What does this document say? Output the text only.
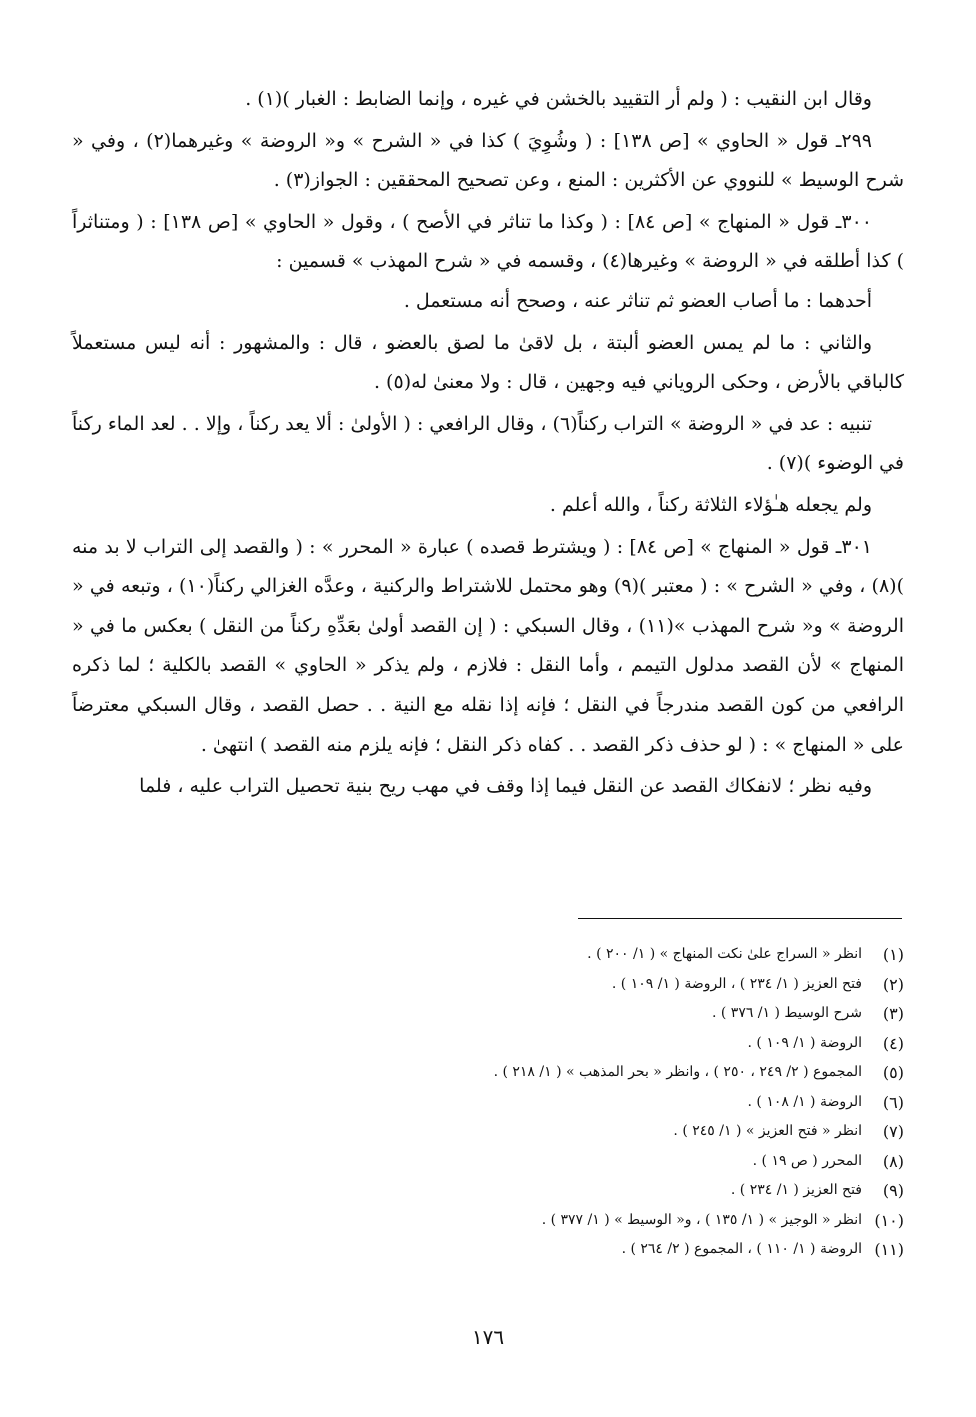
وقال ابن النقيب : ( ولم أر التقييد بالخشن في غيره ، وإنما الضابط : الغبار )(١) .

٢٩٩ـ قول « الحاوي » [ص ١٣٨] : ( وشُوِيَ ) كذا في « الشرح » و« الروضة » وغيرهما(٢) ، وفي « شرح الوسيط » للنووي عن الأكثرين : المنع ، وعن تصحيح المحققين : الجواز(٣) .

٣٠٠ـ قول « المنهاج » [ص ٨٤] : ( وكذا ما تناثر في الأصح ) ، وقول « الحاوي » [ص ١٣٨] : ( ومتناثراً ) كذا أطلقه في « الروضة » وغيرها(٤) ، وقسمه في « شرح المهذب » قسمين :

أحدهما : ما أصاب العضو ثم تناثر عنه ، وصحح أنه مستعمل .

والثاني : ما لم يمس العضو ألبتة ، بل لاقىٰ ما لصق بالعضو ، قال : والمشهور : أنه ليس مستعملاً كالباقي بالأرض ، وحكى الروياني فيه وجهين ، قال : ولا معنىٰ له(٥) .

تنبيه : عد في « الروضة » التراب ركناً(٦) ، وقال الرافعي : ( الأولىٰ : ألا يعد ركناً ، وإلا . . لعد الماء ركناً في الوضوء )(٧) .

ولم يجعله هـٰؤلاء الثلاثة ركناً ، والله أعلم .

٣٠١ـ قول « المنهاج » [ص ٨٤] : ( ويشترط قصده ) عبارة « المحرر » : ( والقصد إلى التراب لا بد منه )(٨) ، وفي « الشرح » : ( معتبر )(٩) وهو محتمل للاشتراط والركنية ، وعدَّه الغزالي ركناً(١٠) ، وتبعه في « الروضة » و« شرح المهذب »(١١) ، وقال السبكي : ( إن القصد أولىٰ بعَدِّهِ ركناً من النقل ) بعكس ما في « المنهاج » لأن القصد مدلول التيمم ، وأما النقل : فلازم ، ولم يذكر « الحاوي » القصد بالكلية ؛ لما ذكره الرافعي من كون القصد مندرجاً في النقل ؛ فإنه إذا نقله مع النية . . حصل القصد ، وقال السبكي معترضاً على « المنهاج » : ( لو حذف ذكر القصد . . كفاه ذكر النقل ؛ فإنه يلزم منه القصد ) انتهىٰ .

وفيه نظر ؛ لانفكاك القصد عن النقل فيما إذا وقف في مهب ريح بنية تحصيل التراب عليه ، فلما

(١)
انظر « السراج علىٰ نكت المنهاج » ( ١/ ٢٠٠ ) .
(٢)
فتح العزيز ( ١/ ٢٣٤ ) ، الروضة ( ١/ ١٠٩ ) .
(٣)
شرح الوسيط ( ١/ ٣٧٦ ) .
(٤)
الروضة ( ١/ ١٠٩ ) .
(٥)
المجموع ( ٢/ ٢٤٩ ، ٢٥٠ ) ، وانظر « بحر المذهب » ( ١/ ٢١٨ ) .
(٦)
الروضة ( ١/ ١٠٨ ) .
(٧)
انظر « فتح العزيز » ( ١/ ٢٤٥ ) .
(٨)
المحرر ( ص ١٩ ) .
(٩)
فتح العزيز ( ١/ ٢٣٤ ) .
(١٠)
انظر « الوجيز » ( ١/ ١٣٥ ) ، و« الوسيط » ( ١/ ٣٧٧ ) .
(١١)
الروضة ( ١/ ١١٠ ) ، المجموع ( ٢/ ٢٦٤ ) .
١٧٦
